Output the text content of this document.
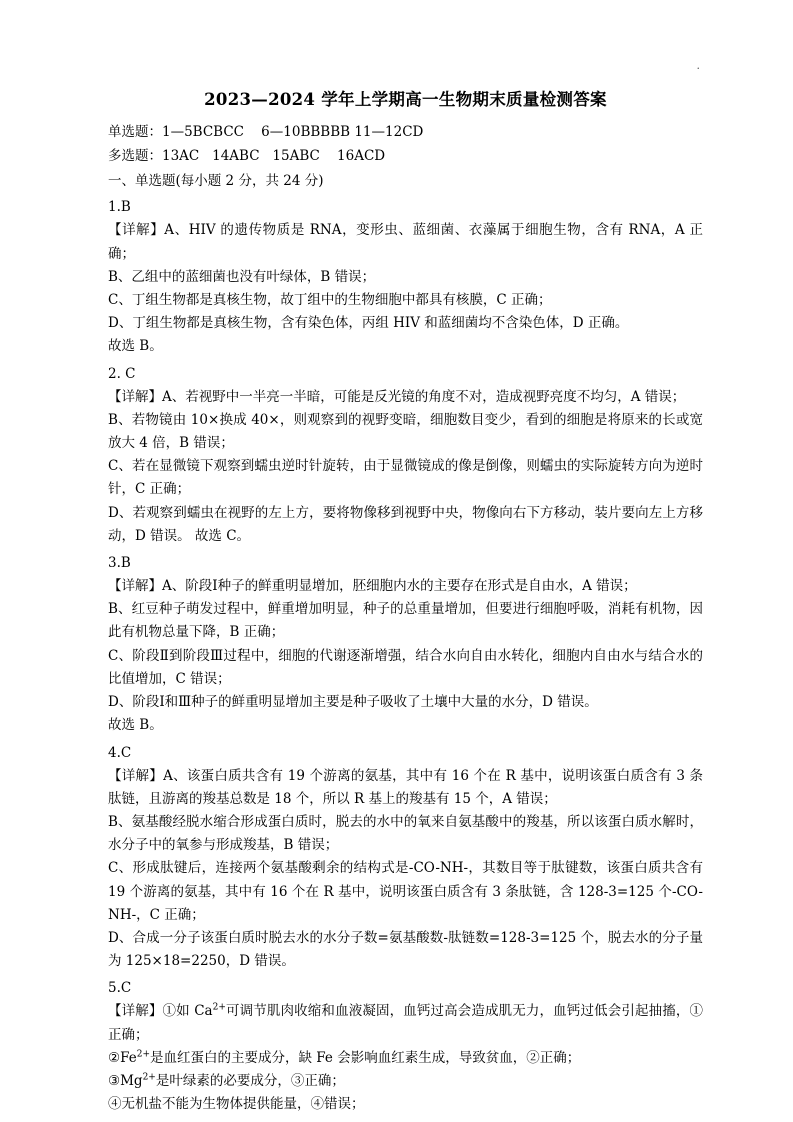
·
2023—2024 学年上学期高一生物期末质量检测答案

单选题：1—5BCBCC    6—10BBBBB 11—12CD

多选题：13AC   14ABC   15ABC    16ACD

一、单选题(每小题 2 分，共 24 分)

1.B

【详解】A、HIV 的遗传物质是 RNA，变形虫、蓝细菌、衣藻属于细胞生物，含有 RNA，A 正确；

B、乙组中的蓝细菌也没有叶绿体，B 错误；

C、丁组生物都是真核生物，故丁组中的生物细胞中都具有核膜，C 正确；

D、丁组生物都是真核生物，含有染色体，丙组 HIV 和蓝细菌均不含染色体，D 正确。

故选 B。

2. C

【详解】A、若视野中一半亮一半暗，可能是反光镜的角度不对，造成视野亮度不均匀，A 错误；

B、若物镜由 10×换成 40×，则观察到的视野变暗，细胞数目变少，看到的细胞是将原来的长或宽放大 4 倍，B 错误；

C、若在显微镜下观察到蠕虫逆时针旋转，由于显微镜成的像是倒像，则蠕虫的实际旋转方向为逆时针，C 正确；

D、若观察到蠕虫在视野的左上方，要将物像移到视野中央，物像向右下方移动，装片要向左上方移动，D 错误。 故选 C。

3.B

【详解】A、阶段Ⅰ种子的鲜重明显增加，胚细胞内水的主要存在形式是自由水，A 错误；

B、红豆种子萌发过程中，鲜重增加明显，种子的总重量增加，但要进行细胞呼吸，消耗有机物，因此有机物总量下降，B 正确；

C、阶段Ⅱ到阶段Ⅲ过程中，细胞的代谢逐渐增强，结合水向自由水转化，细胞内自由水与结合水的比值增加，C 错误；

D、阶段Ⅰ和Ⅲ种子的鲜重明显增加主要是种子吸收了土壤中大量的水分，D 错误。

故选 B。

4.C

【详解】A、该蛋白质共含有 19 个游离的氨基，其中有 16 个在 R 基中，说明该蛋白质含有 3 条肽链，且游离的羧基总数是 18 个，所以 R 基上的羧基有 15 个，A 错误；

B、氨基酸经脱水缩合形成蛋白质时，脱去的水中的氧来自氨基酸中的羧基，所以该蛋白质水解时，水分子中的氧参与形成羧基，B 错误；

C、形成肽键后，连接两个氨基酸剩余的结构式是-CO-NH-，其数目等于肽键数，该蛋白质共含有 19 个游离的氨基，其中有 16 个在 R 基中，说明该蛋白质含有 3 条肽链，含 128-3=125 个-CO-NH-，C 正确；

D、合成一分子该蛋白质时脱去水的水分子数=氨基酸数-肽链数=128-3=125 个，脱去水的分子量为 125×18=2250，D 错误。

5.C

【详解】①如 $Ca^{2+}$可调节肌肉收缩和血液凝固，血钙过高会造成肌无力，血钙过低会引起抽搐，①正确；

$②Fe^{2+}$是血红蛋白的主要成分，缺 Fe 会影响血红素生成，导致贫血，②正确；

$③Mg^{2+}$是叶绿素的必要成分，③正确；

④无机盐不能为生物体提供能量，④错误；
